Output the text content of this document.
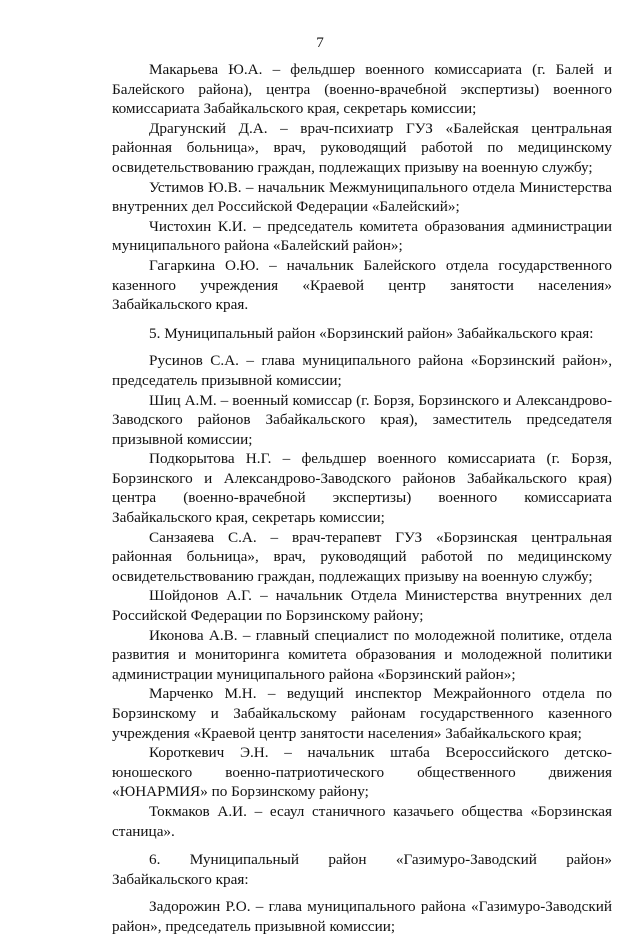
7

Макарьева Ю.А. – фельдшер военного комиссариата (г. Балей и Балейского района), центра (военно-врачебной экспертизы) военного комиссариата Забайкальского края, секретарь комиссии;

Драгунский Д.А. – врач-психиатр ГУЗ «Балейская центральная районная больница», врач, руководящий работой по медицинскому освидетельствованию граждан, подлежащих призыву на военную службу;

Устимов Ю.В. – начальник Межмуниципального отдела Министерства внутренних дел Российской Федерации «Балейский»;

Чистохин К.И. – председатель комитета образования администрации муниципального района «Балейский район»;

Гагаркина О.Ю. – начальник Балейского отдела государственного казенного учреждения «Краевой центр занятости населения» Забайкальского края.

5. Муниципальный район «Борзинский район» Забайкальского края:

Русинов С.А. – глава муниципального района «Борзинский район», председатель призывной комиссии;

Шиц А.М. – военный комиссар (г. Борзя, Борзинского и Александрово-Заводского районов Забайкальского края), заместитель председателя призывной комиссии;

Подкорытова Н.Г. – фельдшер военного комиссариата (г. Борзя, Борзинского и Александрово-Заводского районов Забайкальского края) центра (военно-врачебной экспертизы) военного комиссариата Забайкальского края, секретарь комиссии;

Санзаяева С.А. – врач-терапевт ГУЗ «Борзинская центральная районная больница», врач, руководящий работой по медицинскому освидетельствованию граждан, подлежащих призыву на военную службу;

Шойдонов А.Г. – начальник Отдела Министерства внутренних дел Российской Федерации по Борзинскому району;

Иконова А.В. – главный специалист по молодежной политике, отдела развития и мониторинга комитета образования и молодежной политики администрации муниципального района «Борзинский район»;

Марченко М.Н. – ведущий инспектор Межрайонного отдела по Борзинскому и Забайкальскому районам государственного казенного учреждения «Краевой центр занятости населения» Забайкальского края;

Короткевич Э.Н. – начальник штаба Всероссийского детско-юношеского военно-патриотического общественного движения «ЮНАРМИЯ» по Борзинскому району;

Токмаков А.И. – есаул станичного казачьего общества «Борзинская станица».

6. Муниципальный район «Газимуро-Заводский район» Забайкальского края:

Задорожин Р.О. – глава муниципального района «Газимуро-Заводский район», председатель призывной комиссии;
